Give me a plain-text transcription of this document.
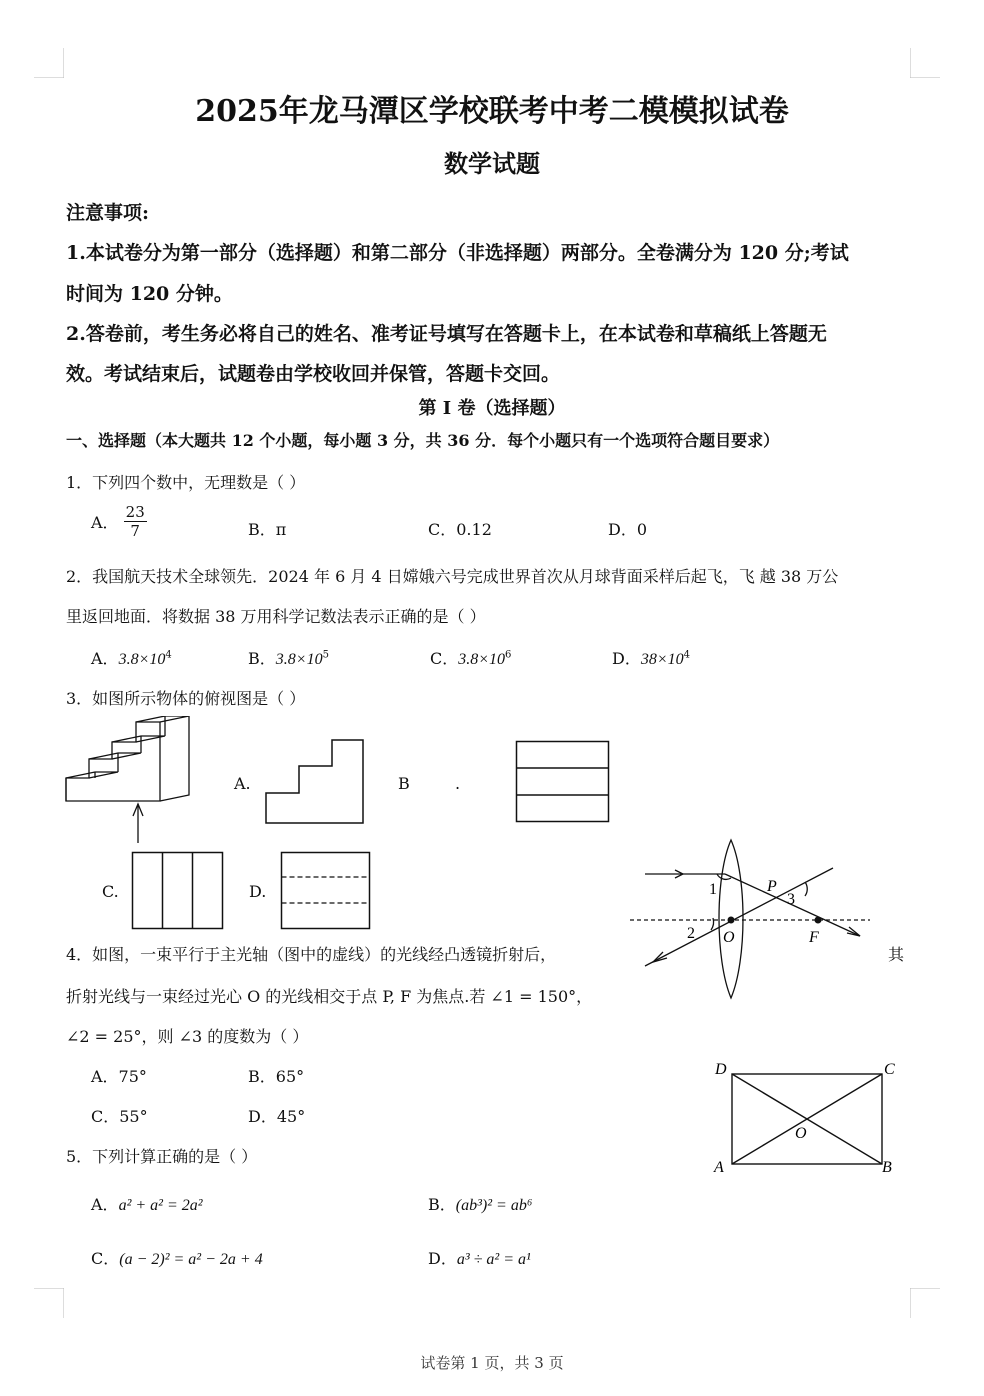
2025年龙马潭区学校联考中考二模模拟试卷
数学试题
注意事项:
1.本试卷分为第一部分（选择题）和第二部分（非选择题）两部分。全卷满分为 120 分;考试
时间为 120 分钟。
2.答卷前，考生务必将自己的姓名、准考证号填写在答题卡上，在本试卷和草稿纸上答题无
效。考试结束后，试题卷由学校收回并保管，答题卡交回。
第 I 卷（选择题）
一、选择题（本大题共 12 个小题，每小题 3 分，共 36 分．每个小题只有一个选项符合题目要求）
1．下列四个数中，无理数是（ ）
A． $\frac{23}{7}$	B．π	C．0.12	D．0
2．我国航天技术全球领先．2024 年 6 月 4 日嫦娥六号完成世界首次从月球背面采样后起飞，飞 越 38 万公
里返回地面．将数据 38 万用科学记数法表示正确的是（ ）
A．$3.8\times 10^4$	B．$3.8\times 10^5$	C．$3.8\times 10^6$	D．$38\times 10^4$
3．如图所示物体的俯视图是（ ）
A.	B	.
C.	D.	1
2
3
P
O	F
4．如图，一束平行于主光轴（图中的虚线）的光线经凸透镜折射后，	其
折射光线与一束经过光心 O 的光线相交于点 P, F 为焦点.若 ∠1 = 150°，
∠2 = 25°，则 ∠3 的度数为（ ）
A．75°	B．65°
C．55°	D．45°
D	C
A	B
O
5．下列计算正确的是（ ）
A．a² + a² = 2a²	B．(ab³)² = ab⁶
C．(a − 2)² = a² − 2a + 4	D．a³ ÷ a² = a¹
试卷第 1 页，共 3 页
